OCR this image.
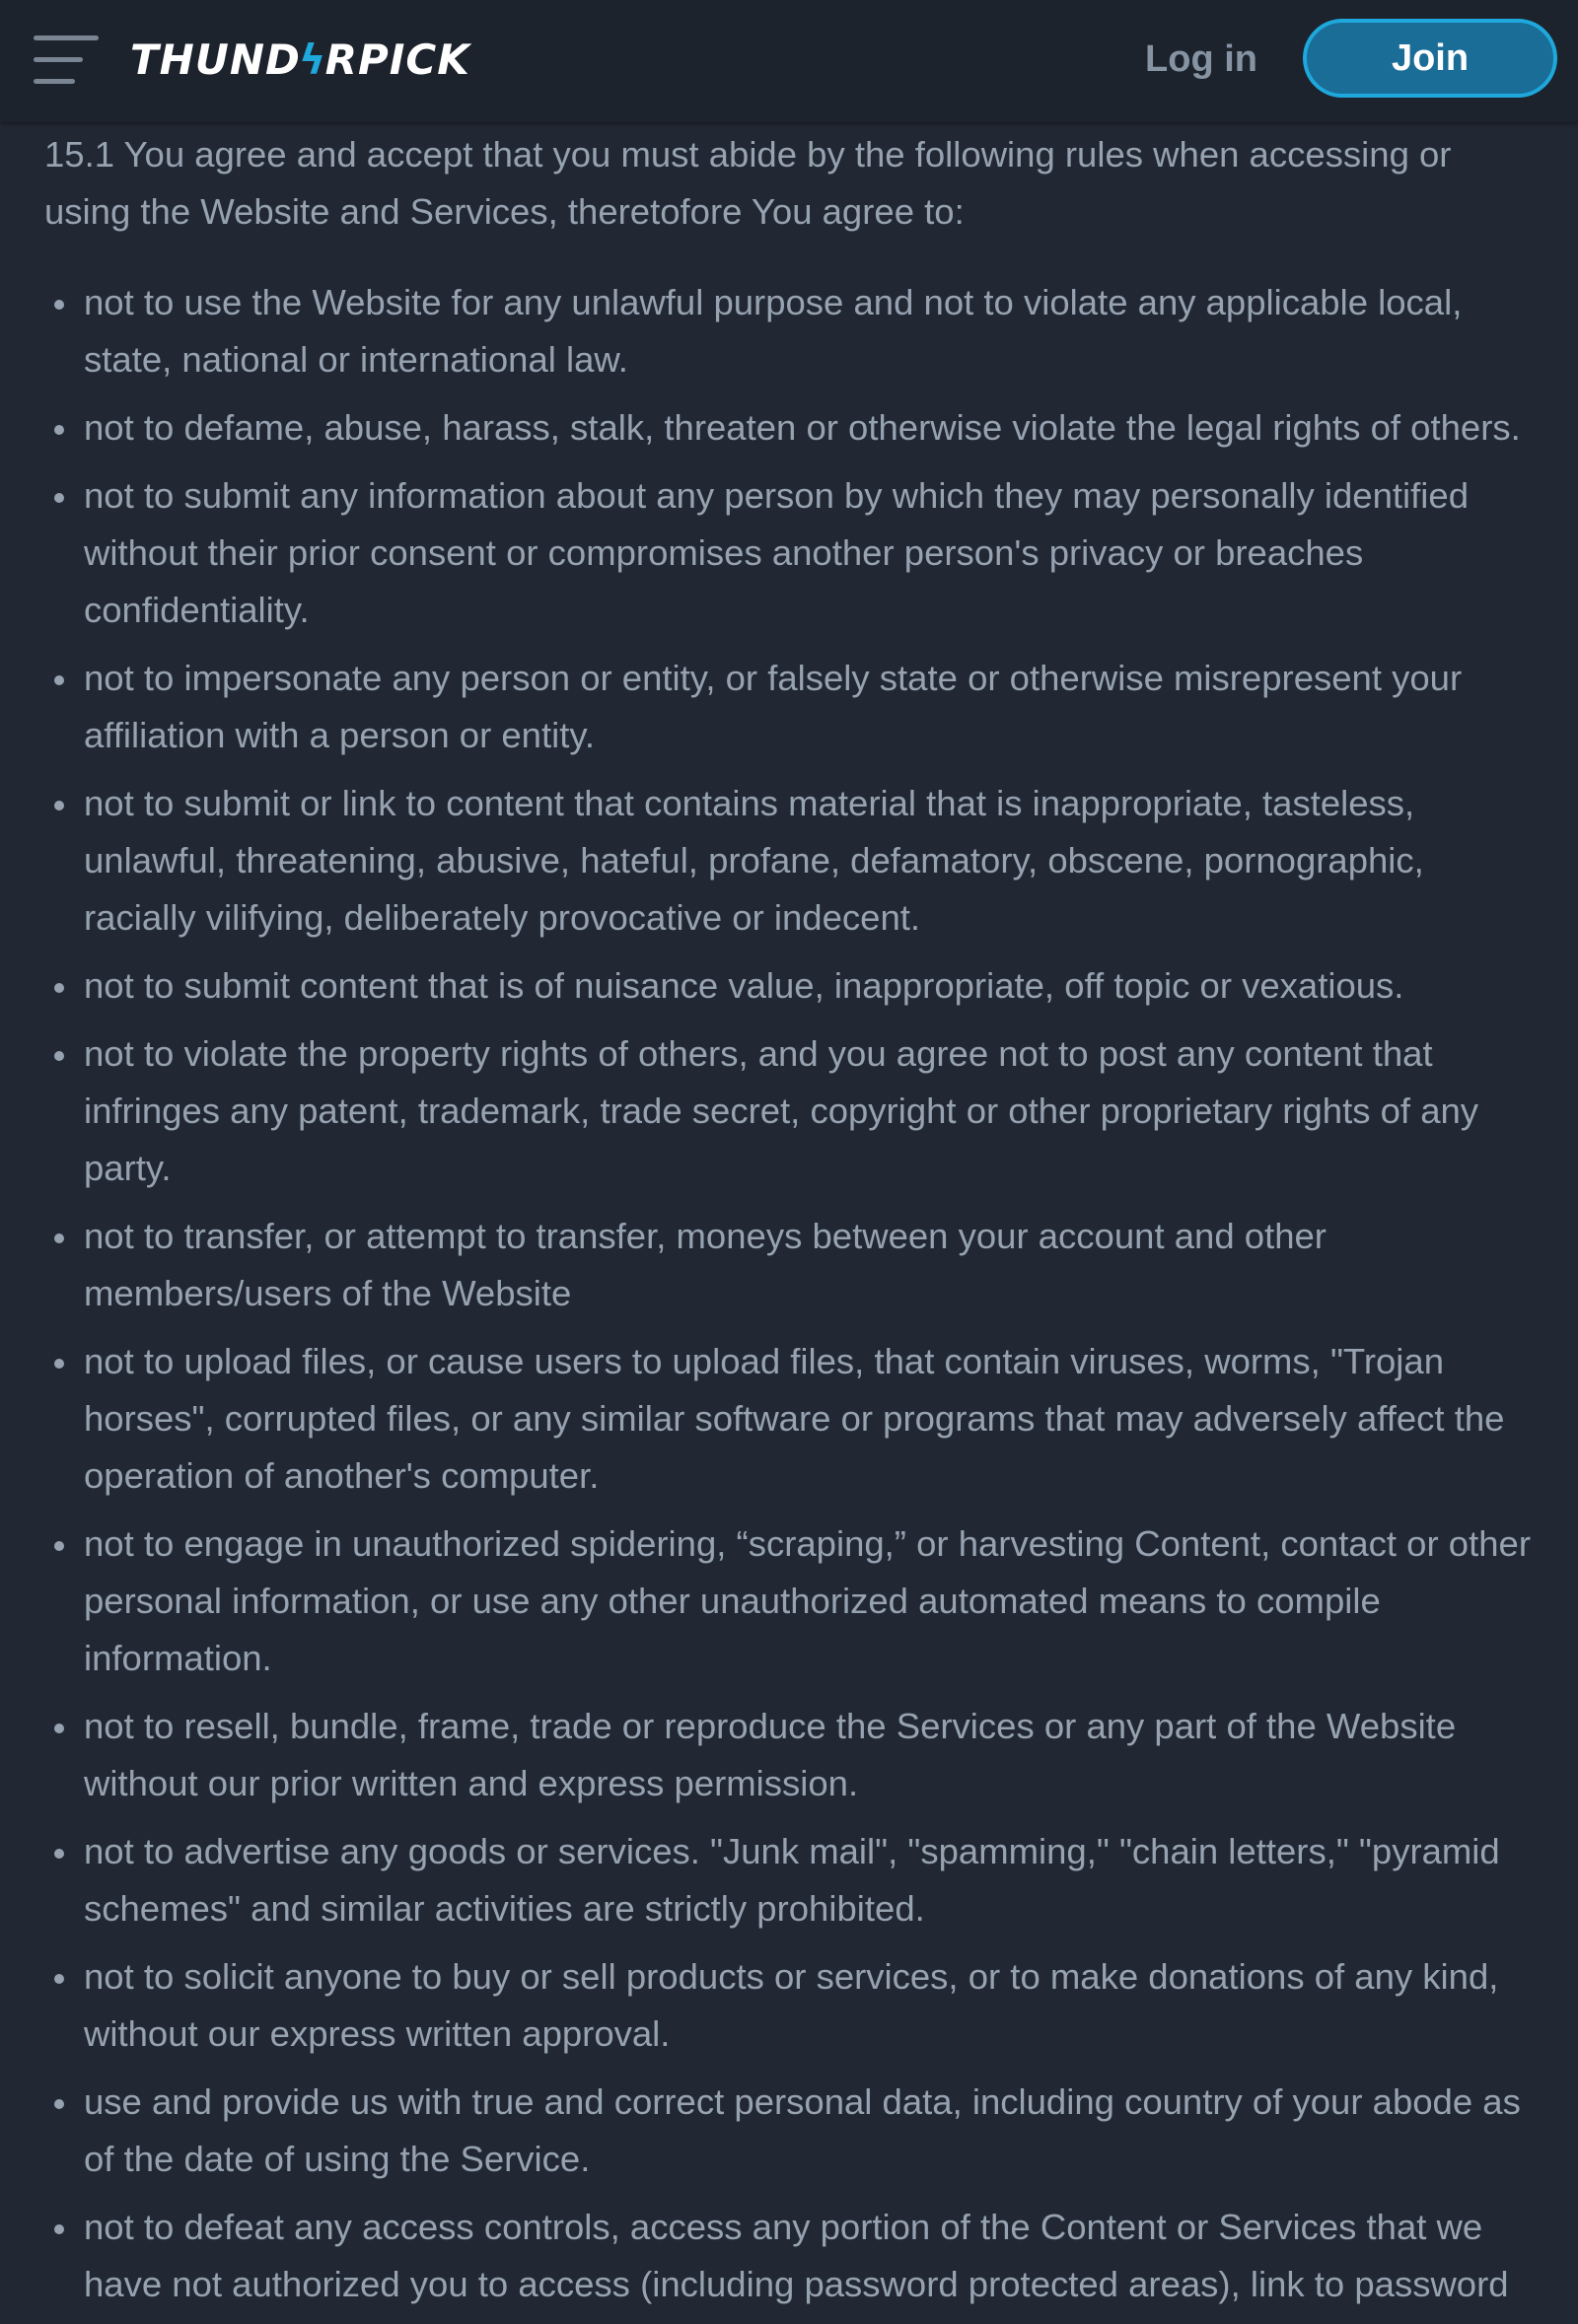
THUND
ϟ
RPICK	Log in	Join
15.1 You agree and accept that you must abide by the following rules when accessing or using the Website and Services, theretofore You agree to:
not to use the Website for any unlawful purpose and not to violate any applicable local, state, national or international law.
not to defame, abuse, harass, stalk, threaten or otherwise violate the legal rights of others.
not to submit any information about any person by which they may personally identified without their prior consent or compromises another person's privacy or breaches confidentiality.
not to impersonate any person or entity, or falsely state or otherwise misrepresent your affiliation with a person or entity.
not to submit or link to content that contains material that is inappropriate, tasteless, unlawful, threatening, abusive, hateful, profane, defamatory, obscene, pornographic, racially vilifying, deliberately provocative or indecent.
not to submit content that is of nuisance value, inappropriate, off topic or vexatious.
not to violate the property rights of others, and you agree not to post any content that infringes any patent, trademark, trade secret, copyright or other proprietary rights of any party.
not to transfer, or attempt to transfer, moneys between your account and other members/users of the Website
not to upload files, or cause users to upload files, that contain viruses, worms, "Trojan horses", corrupted files, or any similar software or programs that may adversely affect the operation of another's computer.
not to engage in unauthorized spidering, “scraping,” or harvesting Content, contact or other personal information, or use any other unauthorized automated means to compile information.
not to resell, bundle, frame, trade or reproduce the Services or any part of the Website without our prior written and express permission.
not to advertise any goods or services. "Junk mail", "spamming," "chain letters," "pyramid schemes" and similar activities are strictly prohibited.
not to solicit anyone to buy or sell products or services, or to make donations of any kind, without our express written approval.
use and provide us with true and correct personal data, including country of your abode as of the date of using the Service.
not to defeat any access controls, access any portion of the Content or Services that we have not authorized you to access (including password protected areas), link to password
